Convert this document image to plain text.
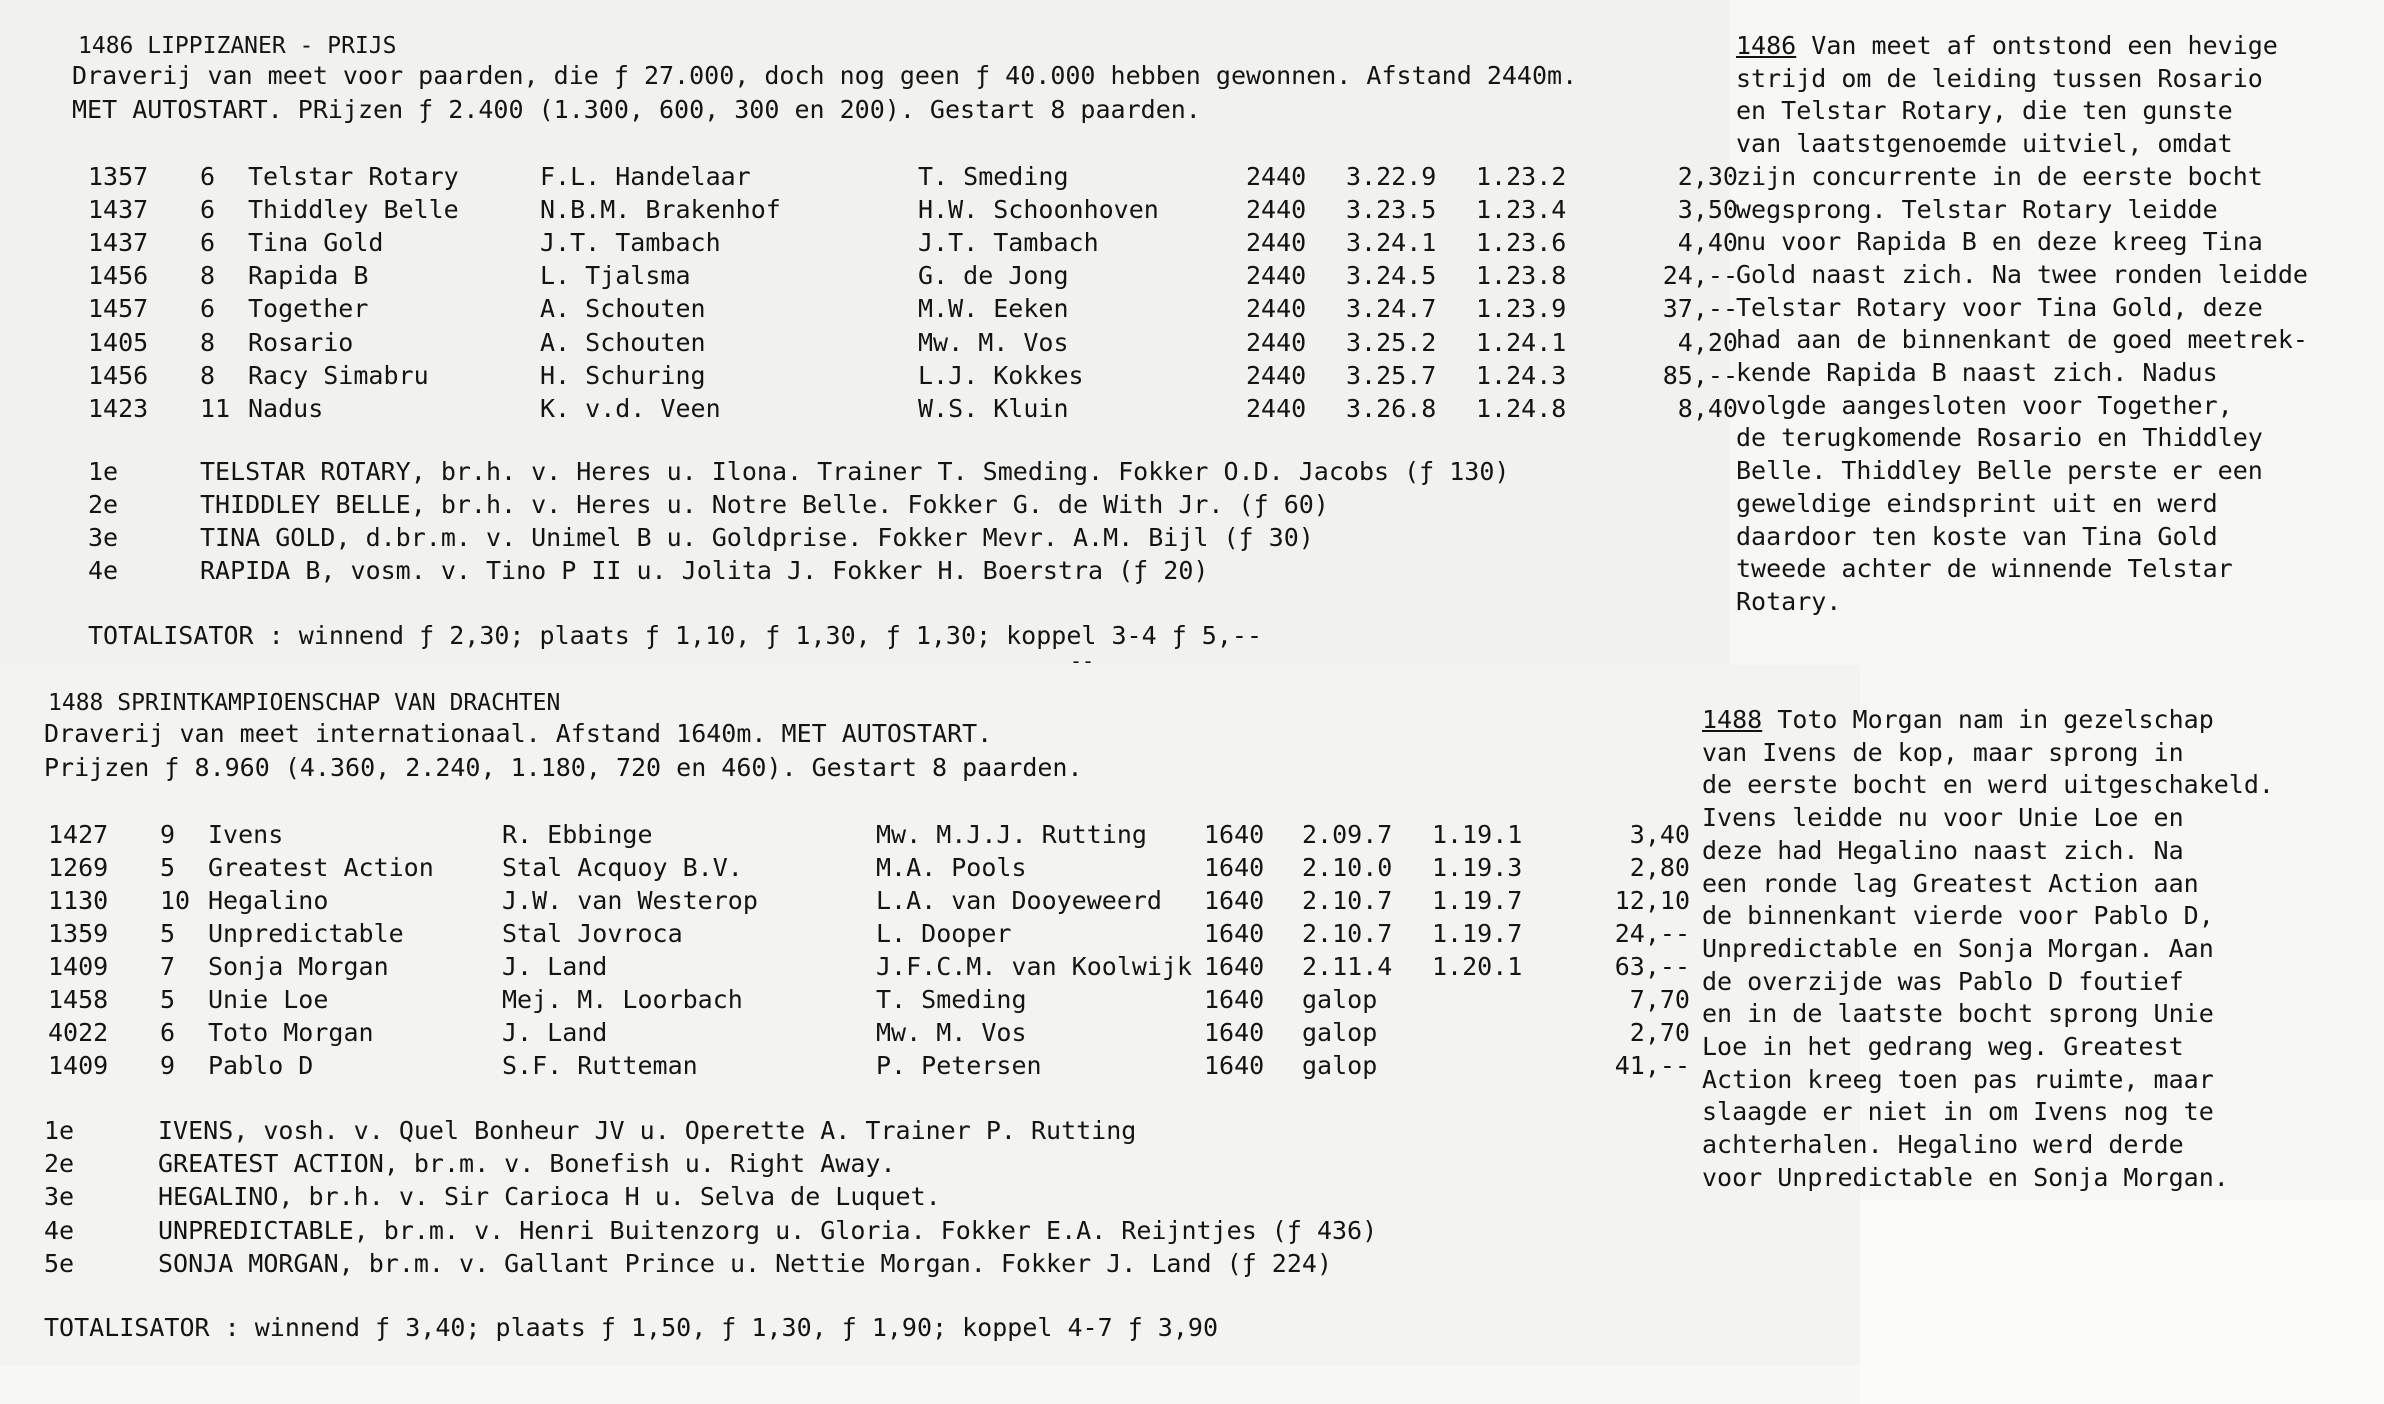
1486 LIPPIZANER - PRIJS
Draverij van meet voor paarden, die ƒ 27.000, doch nog geen ƒ 40.000 hebben gewonnen. Afstand 2440m.
MET AUTOSTART. PRijzen ƒ 2.400 (1.300, 600, 300 en 200). Gestart 8 paarden.
1357 6 Telstar Rotary	F.L. Handelaar	T. Smeding	2440 3.22.9 1.23.2	2,30
1437 6 Thiddley Belle	N.B.M. Brakenhof	H.W. Schoonhoven	2440 3.23.5 1.23.4	3,50
1437 6 Tina Gold	J.T. Tambach	J.T. Tambach	2440 3.24.1 1.23.6	4,40
1456 8 Rapida B	L. Tjalsma	G. de Jong	2440 3.24.5 1.23.8	24,--
1457 6 Together	A. Schouten	M.W. Eeken	2440 3.24.7 1.23.9	37,--
1405 8 Rosario	A. Schouten	Mw. M. Vos	2440 3.25.2 1.24.1	4,20
1456 8 Racy Simabru	H. Schuring	L.J. Kokkes	2440 3.25.7 1.24.3	85,--
1423 11 Nadus	K. v.d. Veen	W.S. Kluin	2440 3.26.8 1.24.8	8,40
1e	TELSTAR ROTARY, br.h. v. Heres u. Ilona. Trainer T. Smeding. Fokker O.D. Jacobs (ƒ 130)
2e	THIDDLEY BELLE, br.h. v. Heres u. Notre Belle. Fokker G. de With Jr. (ƒ 60)
3e	TINA GOLD, d.br.m. v. Unimel B u. Goldprise. Fokker Mevr. A.M. Bijl (ƒ 30)
4e	RAPIDA B, vosm. v. Tino P II u. Jolita J. Fokker H. Boerstra (ƒ 20)
TOTALISATOR : winnend ƒ 2,30; plaats ƒ 1,10, ƒ 1,30, ƒ 1,30; koppel 3-4 ƒ 5,--
--
1486 Van meet af ontstond een hevige
strijd om de leiding tussen Rosario
en Telstar Rotary, die ten gunste
van laatstgenoemde uitviel, omdat
zijn concurrente in de eerste bocht
wegsprong. Telstar Rotary leidde
nu voor Rapida B en deze kreeg Tina
Gold naast zich. Na twee ronden leidde
Telstar Rotary voor Tina Gold, deze
had aan de binnenkant de goed meetrek-
kende Rapida B naast zich. Nadus
volgde aangesloten voor Together,
de terugkomende Rosario en Thiddley
Belle. Thiddley Belle perste er een
geweldige eindsprint uit en werd
daardoor ten koste van Tina Gold
tweede achter de winnende Telstar
Rotary.
1488 SPRINTKAMPIOENSCHAP VAN DRACHTEN
Draverij van meet internationaal. Afstand 1640m. MET AUTOSTART.
Prijzen ƒ 8.960 (4.360, 2.240, 1.180, 720 en 460). Gestart 8 paarden.
1427 9 Ivens	R. Ebbinge	Mw. M.J.J. Rutting 1640 2.09.7 1.19.1	3,40
1269 5 Greatest Action	Stal Acquoy B.V.	M.A. Pools	1640 2.10.0 1.19.3	2,80
1130 10 Hegalino	J.W. van Westerop	L.A. van Dooyeweerd 1640 2.10.7 1.19.7	12,10
1359 5 Unpredictable	Stal Jovroca	L. Dooper	1640 2.10.7 1.19.7	24,--
1409 7 Sonja Morgan	J. Land	J.F.C.M. van Koolwijk 1640 2.11.4 1.20.1	63,--
1458 5 Unie Loe	Mej. M. Loorbach	T. Smeding	1640 galop	7,70
4022 6 Toto Morgan	J. Land	Mw. M. Vos	1640 galop	2,70
1409 9 Pablo D	S.F. Rutteman	P. Petersen	1640 galop	41,--
1e	IVENS, vosh. v. Quel Bonheur JV u. Operette A. Trainer P. Rutting
2e	GREATEST ACTION, br.m. v. Bonefish u. Right Away.
3e	HEGALINO, br.h. v. Sir Carioca H u. Selva de Luquet.
4e	UNPREDICTABLE, br.m. v. Henri Buitenzorg u. Gloria. Fokker E.A. Reijntjes (ƒ 436)
5e	SONJA MORGAN, br.m. v. Gallant Prince u. Nettie Morgan. Fokker J. Land (ƒ 224)
TOTALISATOR : winnend ƒ 3,40; plaats ƒ 1,50, ƒ 1,30, ƒ 1,90; koppel 4-7 ƒ 3,90
1488 Toto Morgan nam in gezelschap
van Ivens de kop, maar sprong in
de eerste bocht en werd uitgeschakeld.
Ivens leidde nu voor Unie Loe en
deze had Hegalino naast zich. Na
een ronde lag Greatest Action aan
de binnenkant vierde voor Pablo D,
Unpredictable en Sonja Morgan. Aan
de overzijde was Pablo D foutief
en in de laatste bocht sprong Unie
Loe in het gedrang weg. Greatest
Action kreeg toen pas ruimte, maar
slaagde er niet in om Ivens nog te
achterhalen. Hegalino werd derde
voor Unpredictable en Sonja Morgan.
